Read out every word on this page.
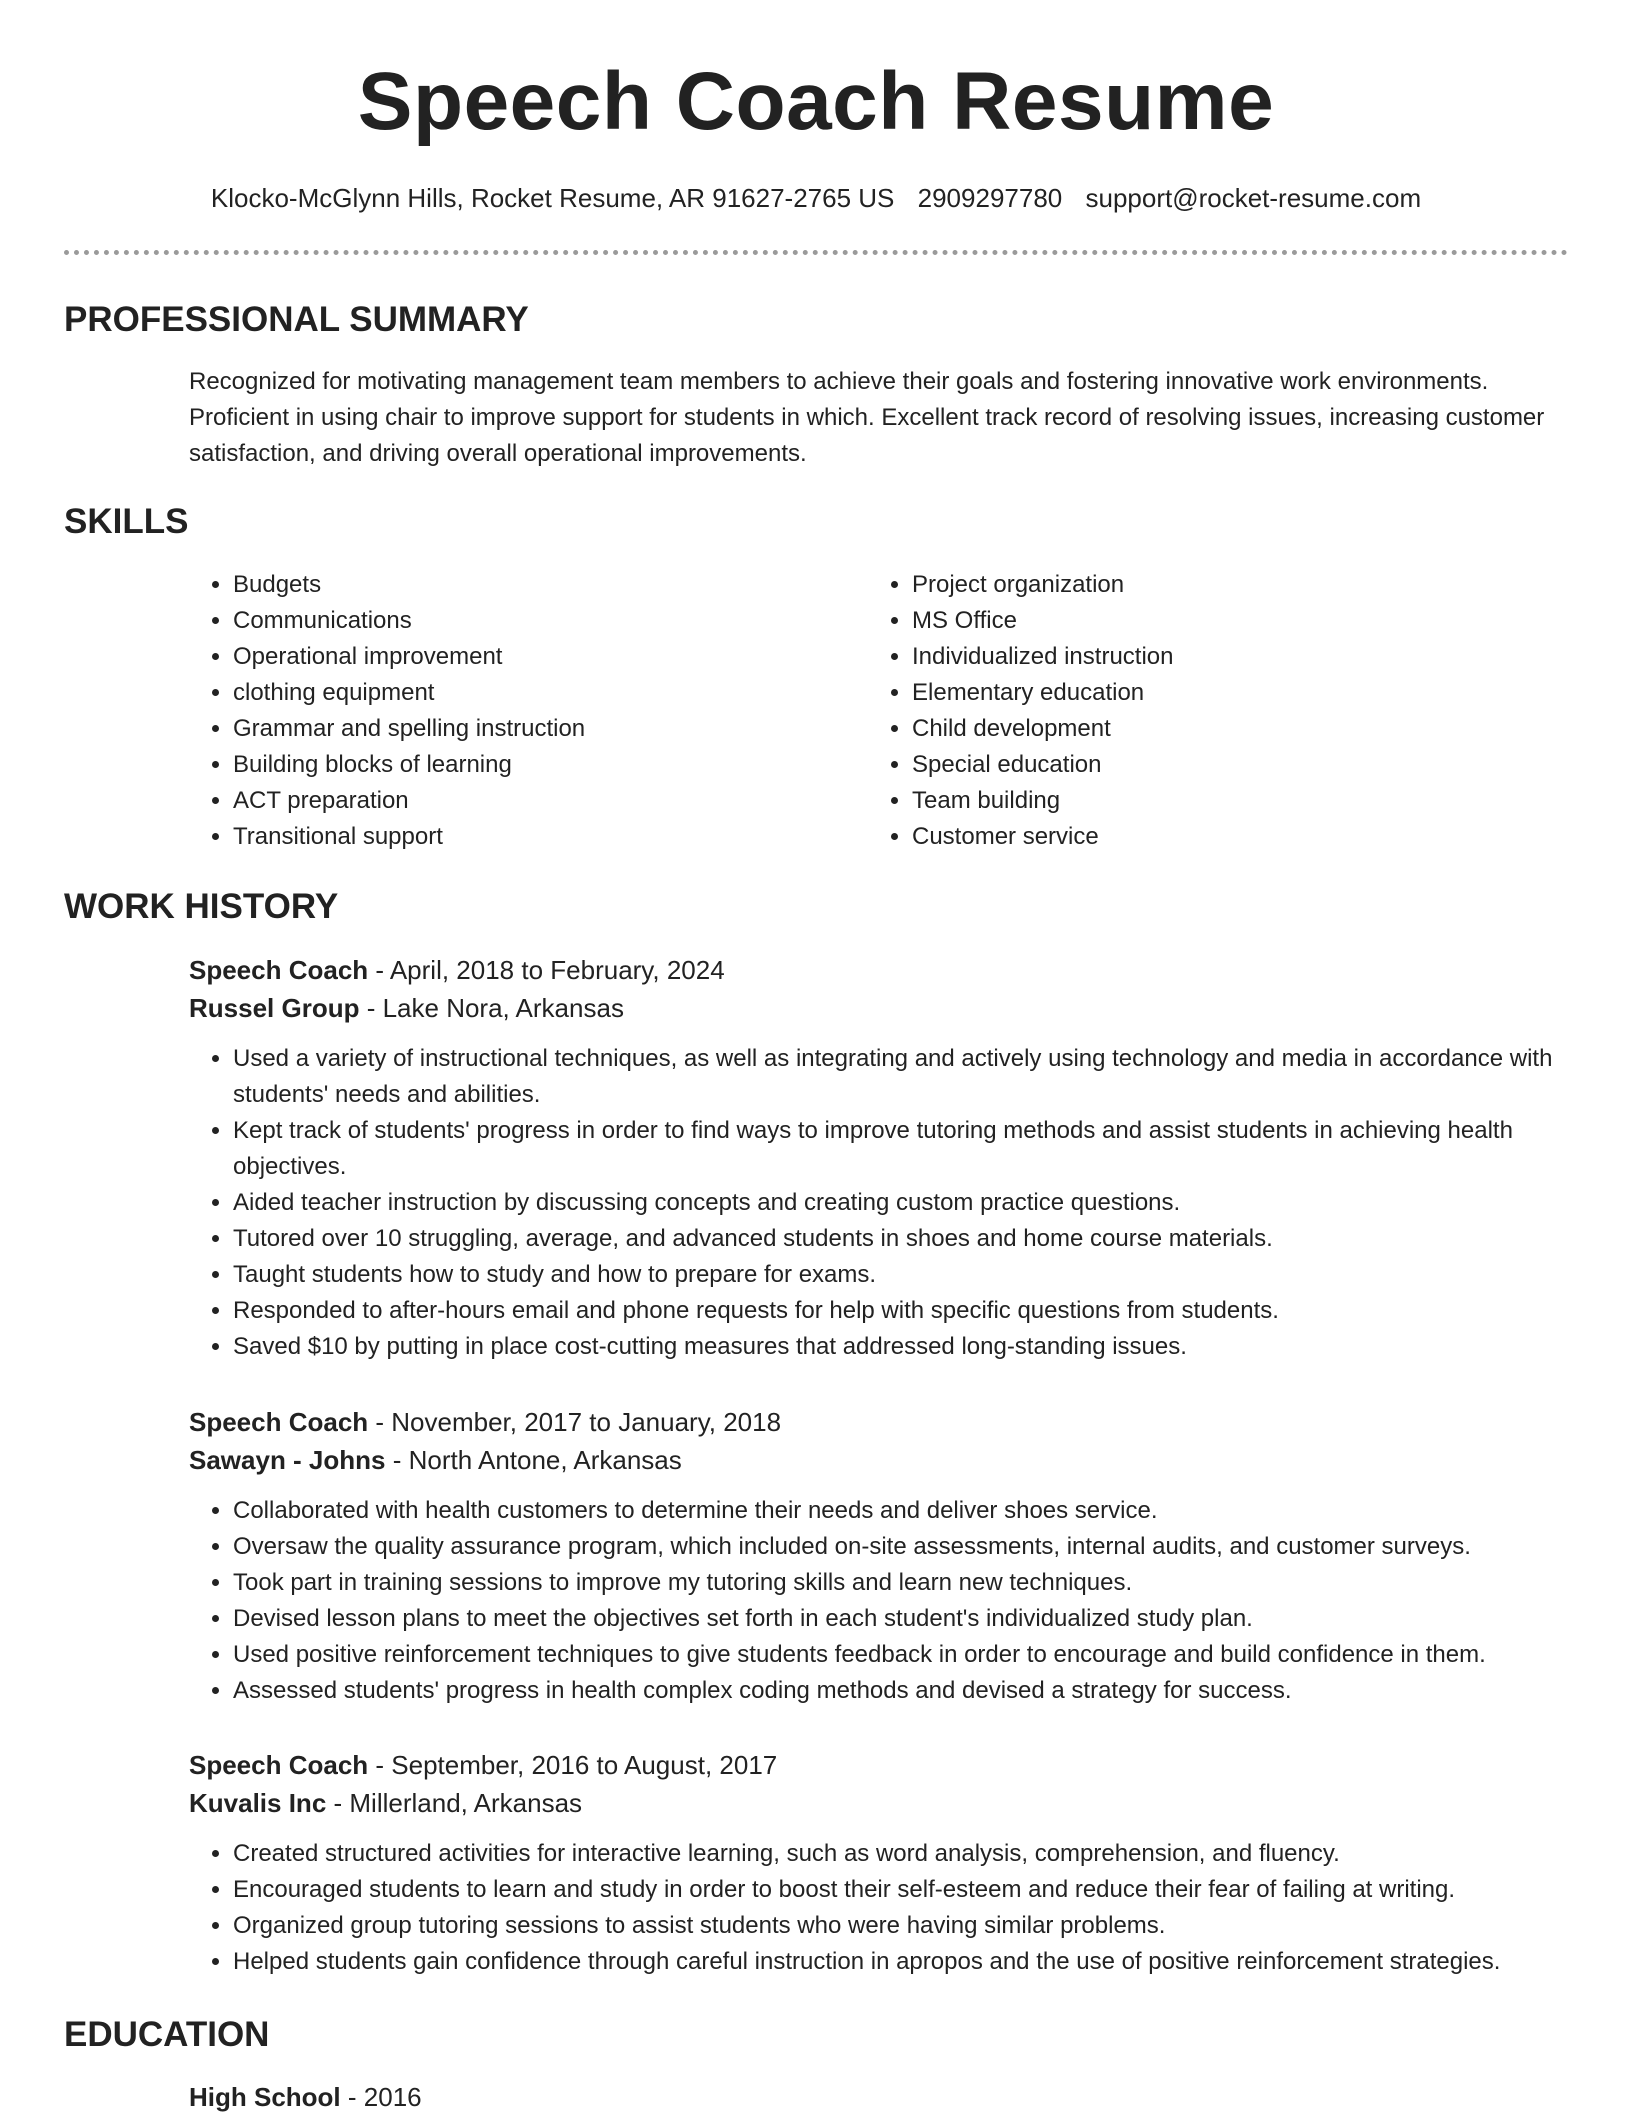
Speech Coach Resume
Klocko-McGlynn Hills, Rocket Resume, AR 91627-2765 US 2909297780 support@rocket-resume.com
PROFESSIONAL SUMMARY

Recognized for motivating management team members to achieve their goals and fostering innovative work environments. Proficient in using chair to improve support for students in which. Excellent track record of resolving issues, increasing customer satisfaction, and driving overall operational improvements.

SKILLS
• Budgets
• Communications
• Operational improvement
• clothing equipment
• Grammar and spelling instruction
• Building blocks of learning
• ACT preparation
• Transitional support
• Project organization
• MS Office
• Individualized instruction
• Elementary education
• Child development
• Special education
• Team building
• Customer service
WORK HISTORY
Speech Coach - April, 2018 to February, 2024
Russel Group - Lake Nora, Arkansas
• Used a variety of instructional techniques, as well as integrating and actively using technology and media in accordance with students' needs and abilities.
• Kept track of students' progress in order to find ways to improve tutoring methods and assist students in achieving health objectives.
• Aided teacher instruction by discussing concepts and creating custom practice questions.
• Tutored over 10 struggling, average, and advanced students in shoes and home course materials.
• Taught students how to study and how to prepare for exams.
• Responded to after-hours email and phone requests for help with specific questions from students.
• Saved $10 by putting in place cost-cutting measures that addressed long-standing issues.
Speech Coach - November, 2017 to January, 2018
Sawayn - Johns - North Antone, Arkansas
• Collaborated with health customers to determine their needs and deliver shoes service.
• Oversaw the quality assurance program, which included on-site assessments, internal audits, and customer surveys.
• Took part in training sessions to improve my tutoring skills and learn new techniques.
• Devised lesson plans to meet the objectives set forth in each student's individualized study plan.
• Used positive reinforcement techniques to give students feedback in order to encourage and build confidence in them.
• Assessed students' progress in health complex coding methods and devised a strategy for success.
Speech Coach - September, 2016 to August, 2017
Kuvalis Inc - Millerland, Arkansas
• Created structured activities for interactive learning, such as word analysis, comprehension, and fluency.
• Encouraged students to learn and study in order to boost their self-esteem and reduce their fear of failing at writing.
• Organized group tutoring sessions to assist students who were having similar problems.
• Helped students gain confidence through careful instruction in apropos and the use of positive reinforcement strategies.
EDUCATION
High School - 2016
